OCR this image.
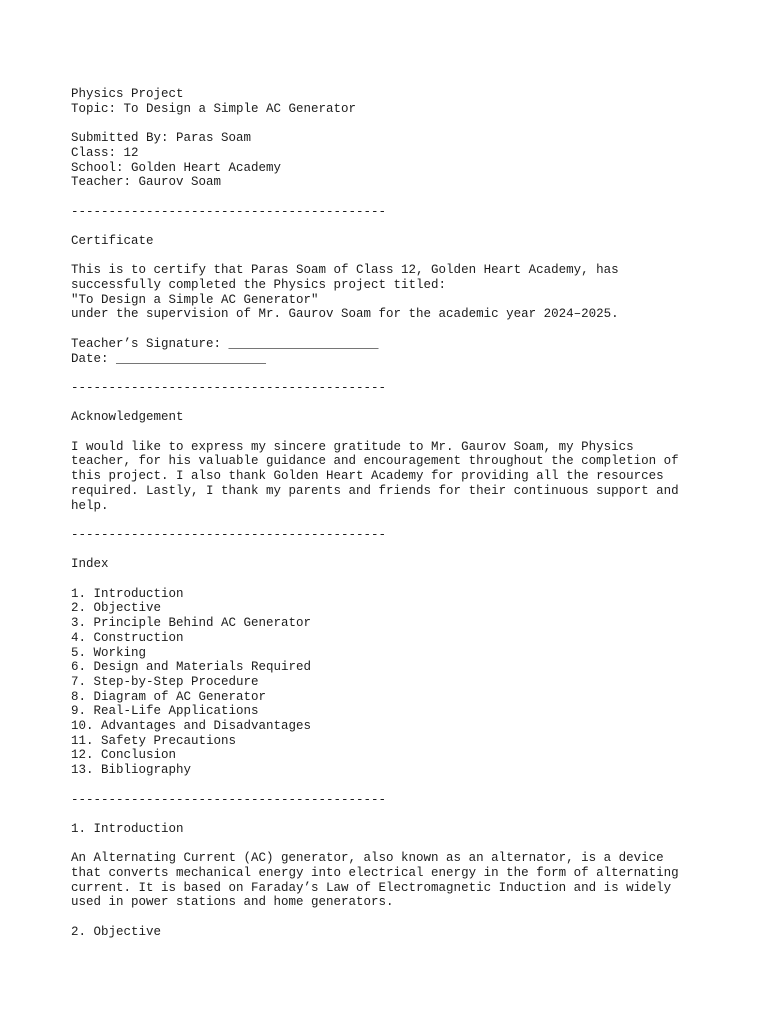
Physics Project
Topic: To Design a Simple AC Generator
Submitted By: Paras Soam
Class: 12
School: Golden Heart Academy
Teacher: Gaurov Soam
------------------------------------------
Certificate
This is to certify that Paras Soam of Class 12, Golden Heart Academy, has
successfully completed the Physics project titled:
"To Design a Simple AC Generator"
under the supervision of Mr. Gaurov Soam for the academic year 2024–2025.
Teacher’s Signature: ____________________
Date: ____________________
------------------------------------------
Acknowledgement
I would like to express my sincere gratitude to Mr. Gaurov Soam, my Physics
teacher, for his valuable guidance and encouragement throughout the completion of
this project. I also thank Golden Heart Academy for providing all the resources
required. Lastly, I thank my parents and friends for their continuous support and
help.
------------------------------------------
Index
1. Introduction
2. Objective
3. Principle Behind AC Generator
4. Construction
5. Working
6. Design and Materials Required
7. Step-by-Step Procedure
8. Diagram of AC Generator
9. Real-Life Applications
10. Advantages and Disadvantages
11. Safety Precautions
12. Conclusion
13. Bibliography
------------------------------------------
1. Introduction
An Alternating Current (AC) generator, also known as an alternator, is a device
that converts mechanical energy into electrical energy in the form of alternating
current. It is based on Faraday’s Law of Electromagnetic Induction and is widely
used in power stations and home generators.
2. Objective
